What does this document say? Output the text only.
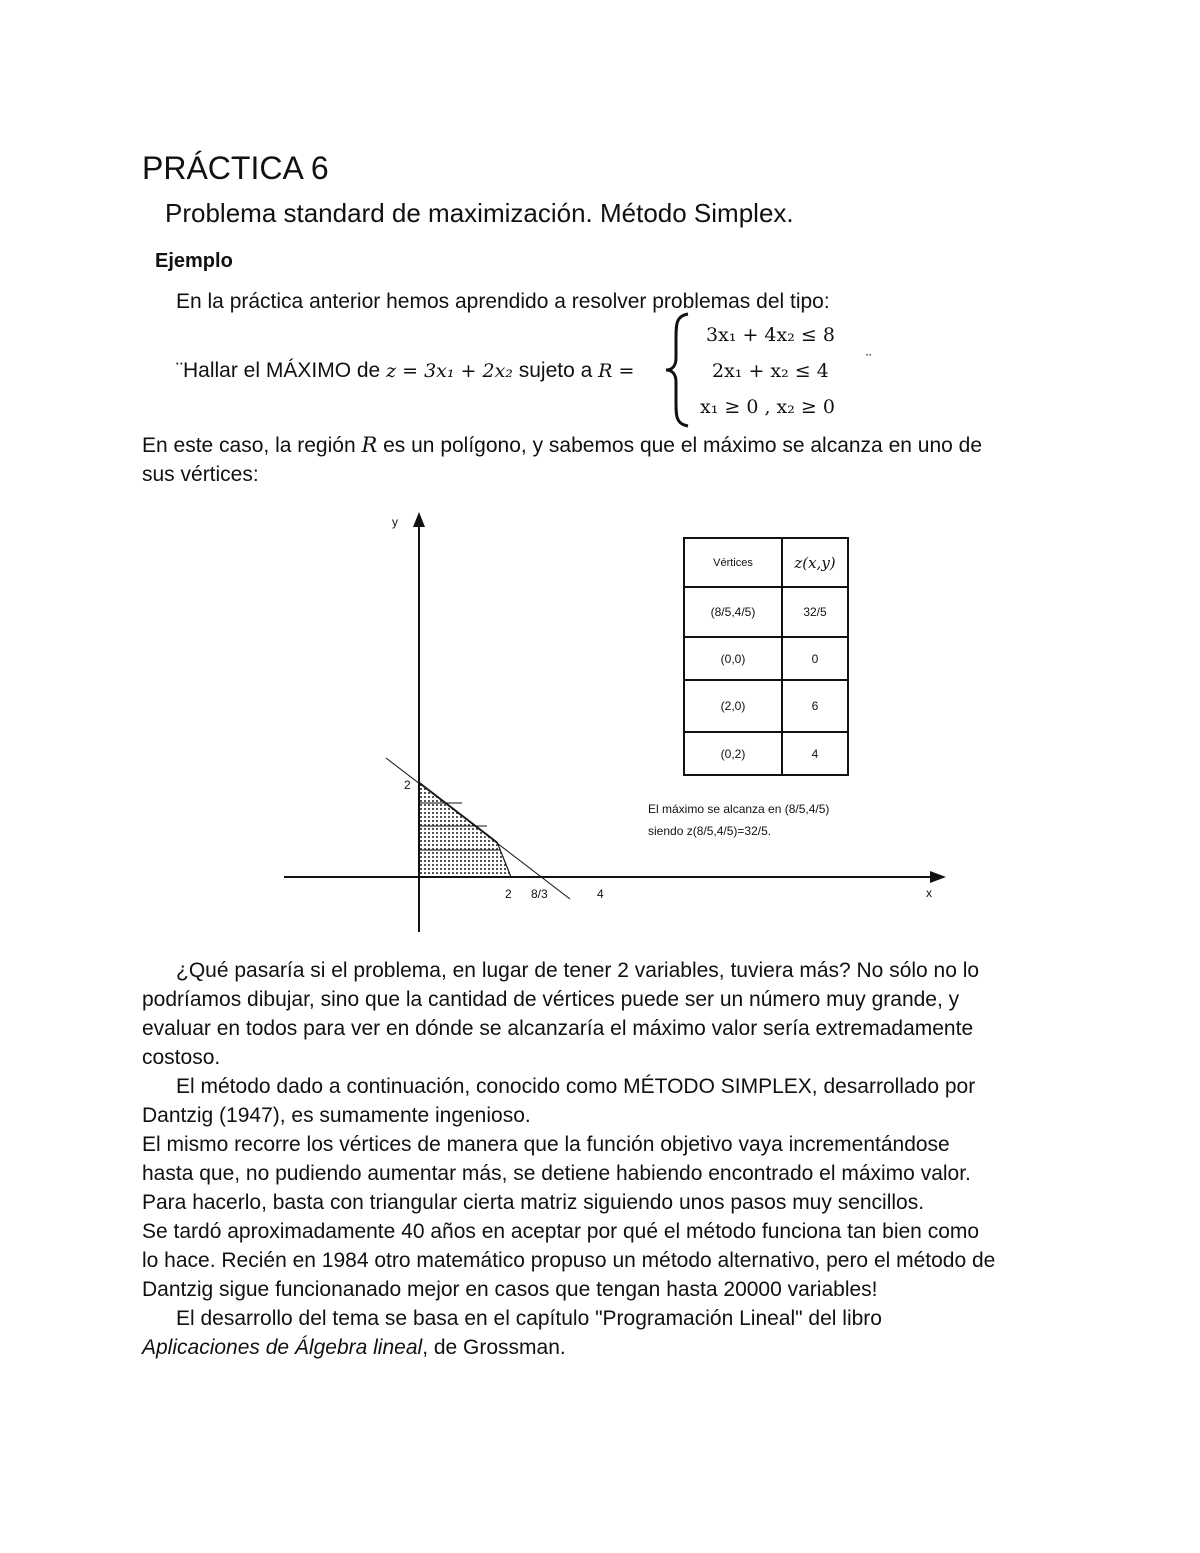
PRÁCTICA 6
Problema standard de maximización. Método Simplex.
Ejemplo
En la práctica anterior hemos aprendido a resolver problemas del tipo:
¨Hallar el MÁXIMO de z = 3x₁ + 2x₂ sujeto a R =
3x₁ + 4x₂ ≤ 8
2x₁ + x₂ ≤ 4
x₁ ≥ 0 , x₂ ≥ 0
¨
En este caso, la región R es un polígono, y sabemos que el máximo se alcanza en uno de
sus vértices:
y
x
2
2 8/3	4
El máximo se alcanza en (8/5,4/5)
siendo z(8/5,4/5)=32/5.
Vértices	z(x,y)
(8/5,4/5)	32/5
(0,0)	0
(2,0)	6
(0,2)	4
¿Qué pasaría si el problema, en lugar de tener 2 variables, tuviera más? No sólo no lo
podríamos dibujar, sino que la cantidad de vértices puede ser un número muy grande, y
evaluar en todos para ver en dónde se alcanzaría el máximo valor sería extremadamente
costoso.
El método dado a continuación, conocido como MÉTODO SIMPLEX, desarrollado por
Dantzig (1947), es sumamente ingenioso.
El mismo recorre los vértices de manera que la función objetivo vaya incrementándose
hasta que, no pudiendo aumentar más, se detiene habiendo encontrado el máximo valor.
Para hacerlo, basta con triangular cierta matriz siguiendo unos pasos muy sencillos.
Se tardó aproximadamente 40 años en aceptar por qué el método funciona tan bien como
lo hace. Recién en 1984 otro matemático propuso un método alternativo, pero el método de
Dantzig sigue funcionanado mejor en casos que tengan hasta 20000 variables!
El desarrollo del tema se basa en el capítulo "Programación Lineal" del libro
Aplicaciones de Álgebra lineal, de Grossman.
